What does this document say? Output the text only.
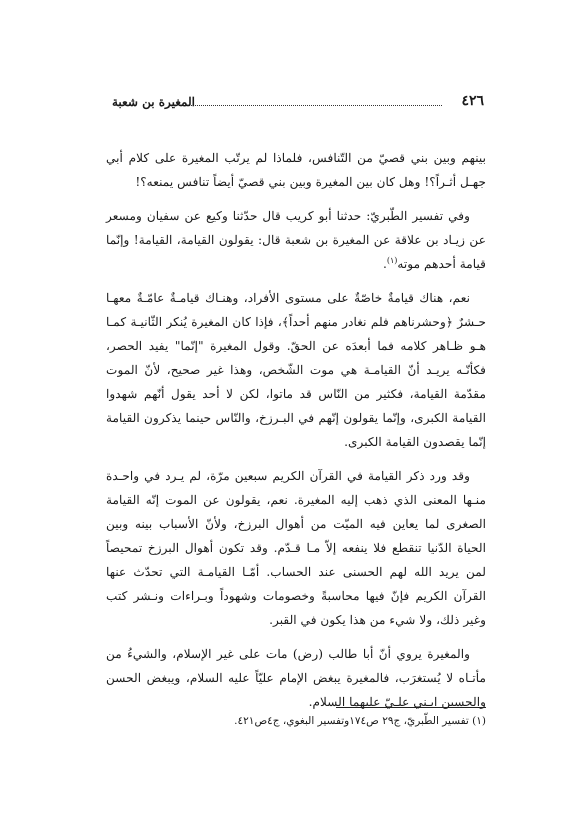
٤٢٦
المغيرة بن شعبة

بينهم وبين بني قصيّ من التّنافس، فلماذا لم يرتّب المغيرة على كلام أبي جهـل أثـراً؟! وهل كان بين المغيرة وبين بني قصيّ أيضاً تنافس يمنعه؟!

وفي تفسير الطّبريّ: حدثنا أبو كريب قال حدّثنا وكيع عن سفيان ومسعر عن زيـاد بن علاقة عن المغيرة بن شعبة قال: يقولون القيامة، القيامة! وإنّما قيامة أحدهم موته$^{(١)}$.

نعم، هناك قيامةٌ خاصّةٌ على مستوى الأفراد، وهنـاك قيامـةٌ عامّـةٌ معهـا حـشرٌ ﴿وحشرناهم فلم نغادر منهم أحداً﴾، فإذا كان المغيرة يُنكر الثّانيـة كمـا هـو ظـاهر كلامه فما أبعدَه عن الحقّ. وقول المغيرة "إنّما" يفيد الحصر، فكأنّـه يريـد أنّ القيامـة هي موت الشّخص، وهذا غير صحيح، لأنّ الموت مقدّمة القيامة، فكثير من النّاس قد ماتوا، لكن لا أحد يقول أنّهم شهدوا القيامة الكبرى، وإنّما يقولون إنّهم في البـرزخ، والنّاس حينما يذكرون القيامة إنّما يقصدون القيامة الكبرى.

وقد ورد ذكر القيامة في القرآن الكريم سبعين مرّة، لم يـرد في واحـدة منـها المعنى الذي ذهب إليه المغيرة. نعم، يقولون عن الموت إنّه القيامة الصغرى لما يعاين فيه الميّت من أهوال البرزخ، ولأنّ الأسباب بينه وبين الحياة الدّنيا تنقطع فلا ينفعه إلاّ مـا قـدّم. وقد تكون أهوال البرزخ تمحيصاً لمن يريد الله لهم الحسنى عند الحساب. أمّـا القيامـة التي تحدّث عنها القرآن الكريم فإنّ فيها محاسبةً وخصومات وشهوداً وبـراءات ونـشر كتب وغير ذلك، ولا شيء من هذا يكون في القبر.

والمغيرة يروي أنّ أبا طالب (رض) مات على غير الإسلام، والشيءُ من مأتـاه لا يُستغرَب، فالمغيرة يبغض الإمام عليّاً عليه السلام، ويبغض الحسن والحسين ابـني علـيّ عليهما السلام.

(١) تفسير الطّبريّ، ج٢٩ ص١٧٤وتفسير البغوي، ج٤ص٤٢١.
